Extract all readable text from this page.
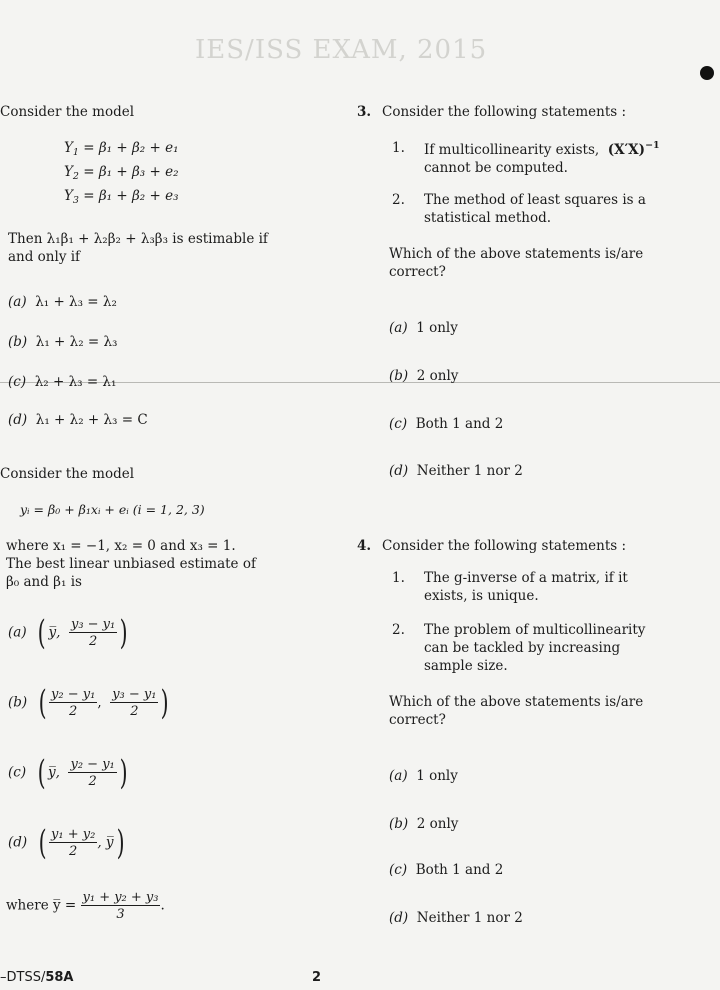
IES/ISS EXAM, 2015
Consider the model
$Y_1 = \beta_1 + \beta_2 + e_1$
$Y_2 = \beta_1 + \beta_3 + e_2$
$Y_3 = \beta_1 + \beta_2 + e_3$
Then λ₁β₁ + λ₂β₂ + λ₃β₃ is estimable if
and only if
(a) λ₁ + λ₃ = λ₂
(b) λ₁ + λ₂ = λ₃
(c) λ₂ + λ₃ = λ₁
(d) λ₁ + λ₂ + λ₃ = C
Consider the model
yᵢ = β₀ + β₁xᵢ + eᵢ (i = 1, 2, 3)
where x₁ = −1, x₂ = 0 and x₃ = 1.
The best linear unbiased estimate of
β₀ and β₁ is
(a) ( y̅, $\frac{\text{y₃ − y₁}}{2}$ )
(b) ( $\frac{\text{y₂ − y₁}}{2}$ , $\frac{\text{y₃ − y₁}}{2}$ )
(c) ( y̅, $\frac{\text{y₂ − y₁}}{2}$ )
(d) ( $\frac{\text{y₁ + y₂}}{2}$ , y̅)
where y̅ = $\frac{\text{y₁ + y₂ + y₃}}{3}$ .
3. Consider the following statements :
1. If multicollinearity exists, $(X'X)^{-1}$
cannot be computed.
2. The method of least squares is a
statistical method.
Which of the above statements is/are
correct?
(a) 1 only
(b) 2 only
(c) Both 1 and 2
(d) Neither 1 nor 2
4. Consider the following statements :
1. The g-inverse of a matrix, if it
exists, is unique.
2. The problem of multicollinearity
can be tackled by increasing
sample size.
Which of the above statements is/are
correct?
(a) 1 only
(b) 2 only
(c) Both 1 and 2
(d) Neither 1 nor 2
–DTSS/58A	2
